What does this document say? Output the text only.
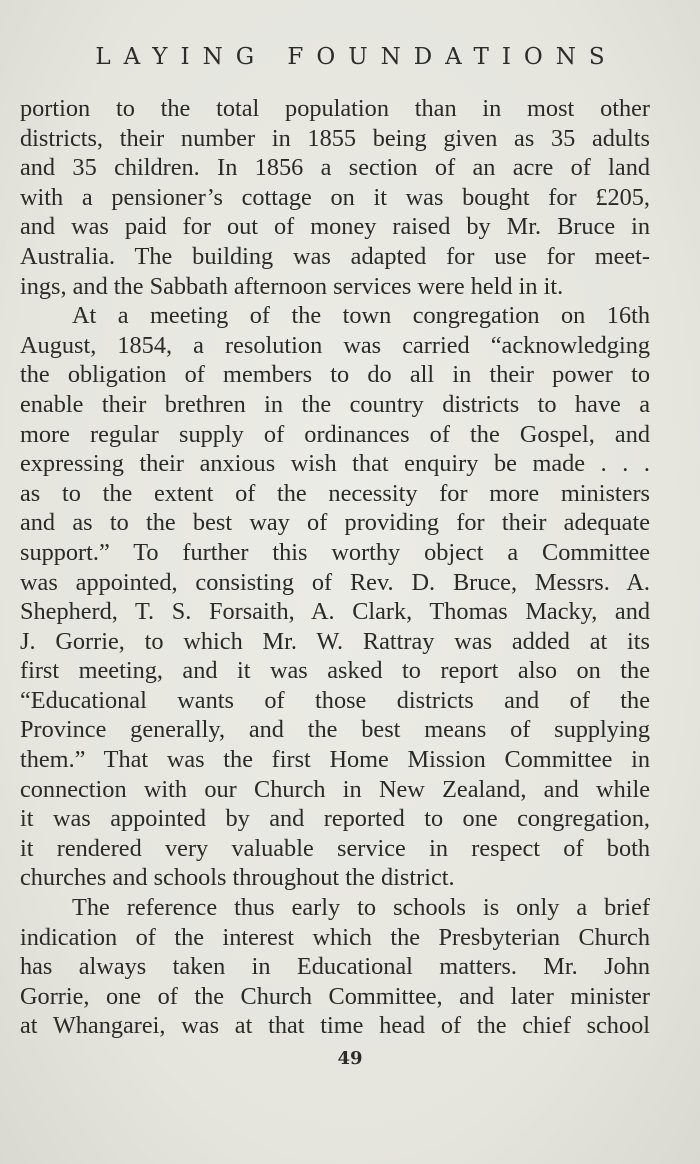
LAYING FOUNDATIONS

portion to the total population than in most other
districts, their number in 1855 being given as 35 adults
and 35 children. In 1856 a section of an acre of land
with a pensioner’s cottage on it was bought for £205,
and was paid for out of money raised by Mr. Bruce in
Australia. The building was adapted for use for meet-
ings, and the Sabbath afternoon services were held in it.

At a meeting of the town congregation on 16th
August, 1854, a resolution was carried “acknowledging
the obligation of members to do all in their power to
enable their brethren in the country districts to have a
more regular supply of ordinances of the Gospel, and
expressing their anxious wish that enquiry be made . . .
as to the extent of the necessity for more ministers
and as to the best way of providing for their adequate
support.” To further this worthy object a Committee
was appointed, consisting of Rev. D. Bruce, Messrs. A.
Shepherd, T. S. Forsaith, A. Clark, Thomas Macky, and
J. Gorrie, to which Mr. W. Rattray was added at its
first meeting, and it was asked to report also on the
“Educational wants of those districts and of the
Province generally, and the best means of supplying
them.” That was the first Home Mission Committee in
connection with our Church in New Zealand, and while
it was appointed by and reported to one congregation,
it rendered very valuable service in respect of both
churches and schools throughout the district.

The reference thus early to schools is only a brief
indication of the interest which the Presbyterian Church
has always taken in Educational matters. Mr. John
Gorrie, one of the Church Committee, and later minister
at Whangarei, was at that time head of the chief school

49
